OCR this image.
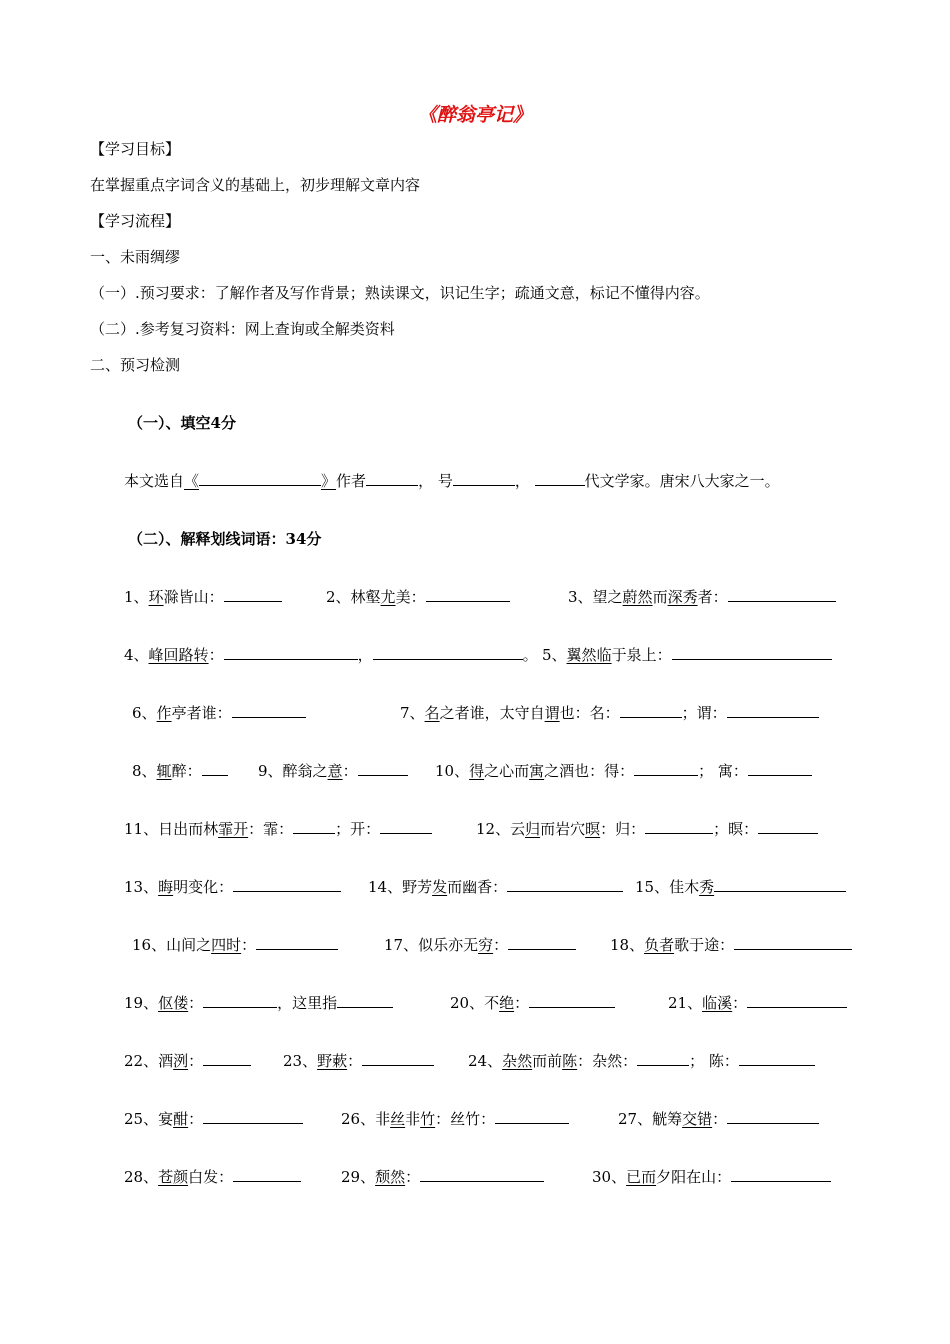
《醉翁亭记》
【学习目标】
在掌握重点字词含义的基础上，初步理解文章内容
【学习流程】
一、未雨绸缪
（一）.预习要求：了解作者及写作背景；熟读课文，识记生字；疏通文意，标记不懂得内容。
（二）.参考复习资料：网上查询或全解类资料
二、预习检测
（一）、填空4分
本文选自《	》作者	， 号	，	代文学家。唐宋八大家之一。
（二）、解释划线词语：34分
1、环滁皆山：	2、林壑尤美：	3、望之蔚然而深秀者：
4、峰回路转：	，	。 5、翼然临于泉上：
6、作亭者谁：	7、名之者谁，太守自谓也：名：	；谓：
8、辄醉：	9、醉翁之意：	10、得之心而寓之酒也：得：	； 寓：
11、日出而林霏开：霏：	；开：	12、云归而岩穴暝：归：	；暝：
13、晦明变化：	14、野芳发而幽香：	15、佳木秀
16、山间之四时：	17、似乐亦无穷：	18、负者歌于途：
19、伛偻：	，这里指	20、不绝：	21、临溪：
22、酒洌：	23、野蔌：	24、杂然而前陈：杂然：	； 陈：
25、宴酣：	26、非丝非竹：丝竹：	27、觥筹交错：
28、苍颜白发：	29、颓然：	30、已而夕阳在山：
